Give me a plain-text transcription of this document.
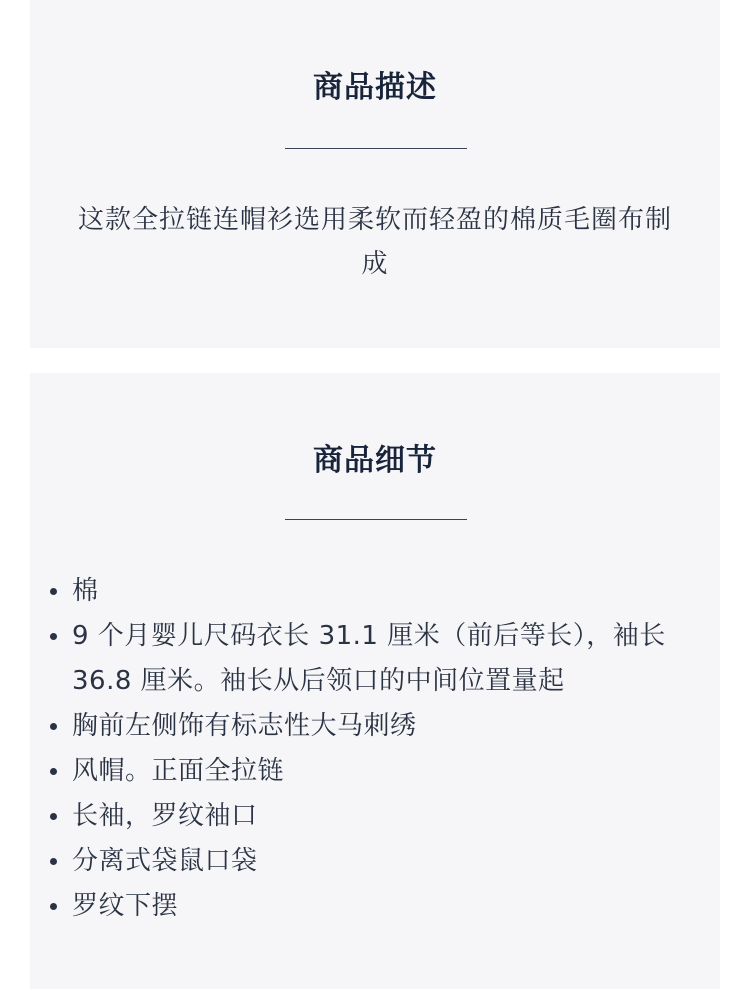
商品描述

这款全拉链连帽衫选用柔软而轻盈的棉质毛圈布制成

商品细节
棉
9 个月婴儿尺码衣长 31.1 厘米（前后等长），袖长 36.8 厘米。袖长从后领口的中间位置量起
胸前左侧饰有标志性大马刺绣
风帽。正面全拉链
长袖，罗纹袖口
分离式袋鼠口袋
罗纹下摆
